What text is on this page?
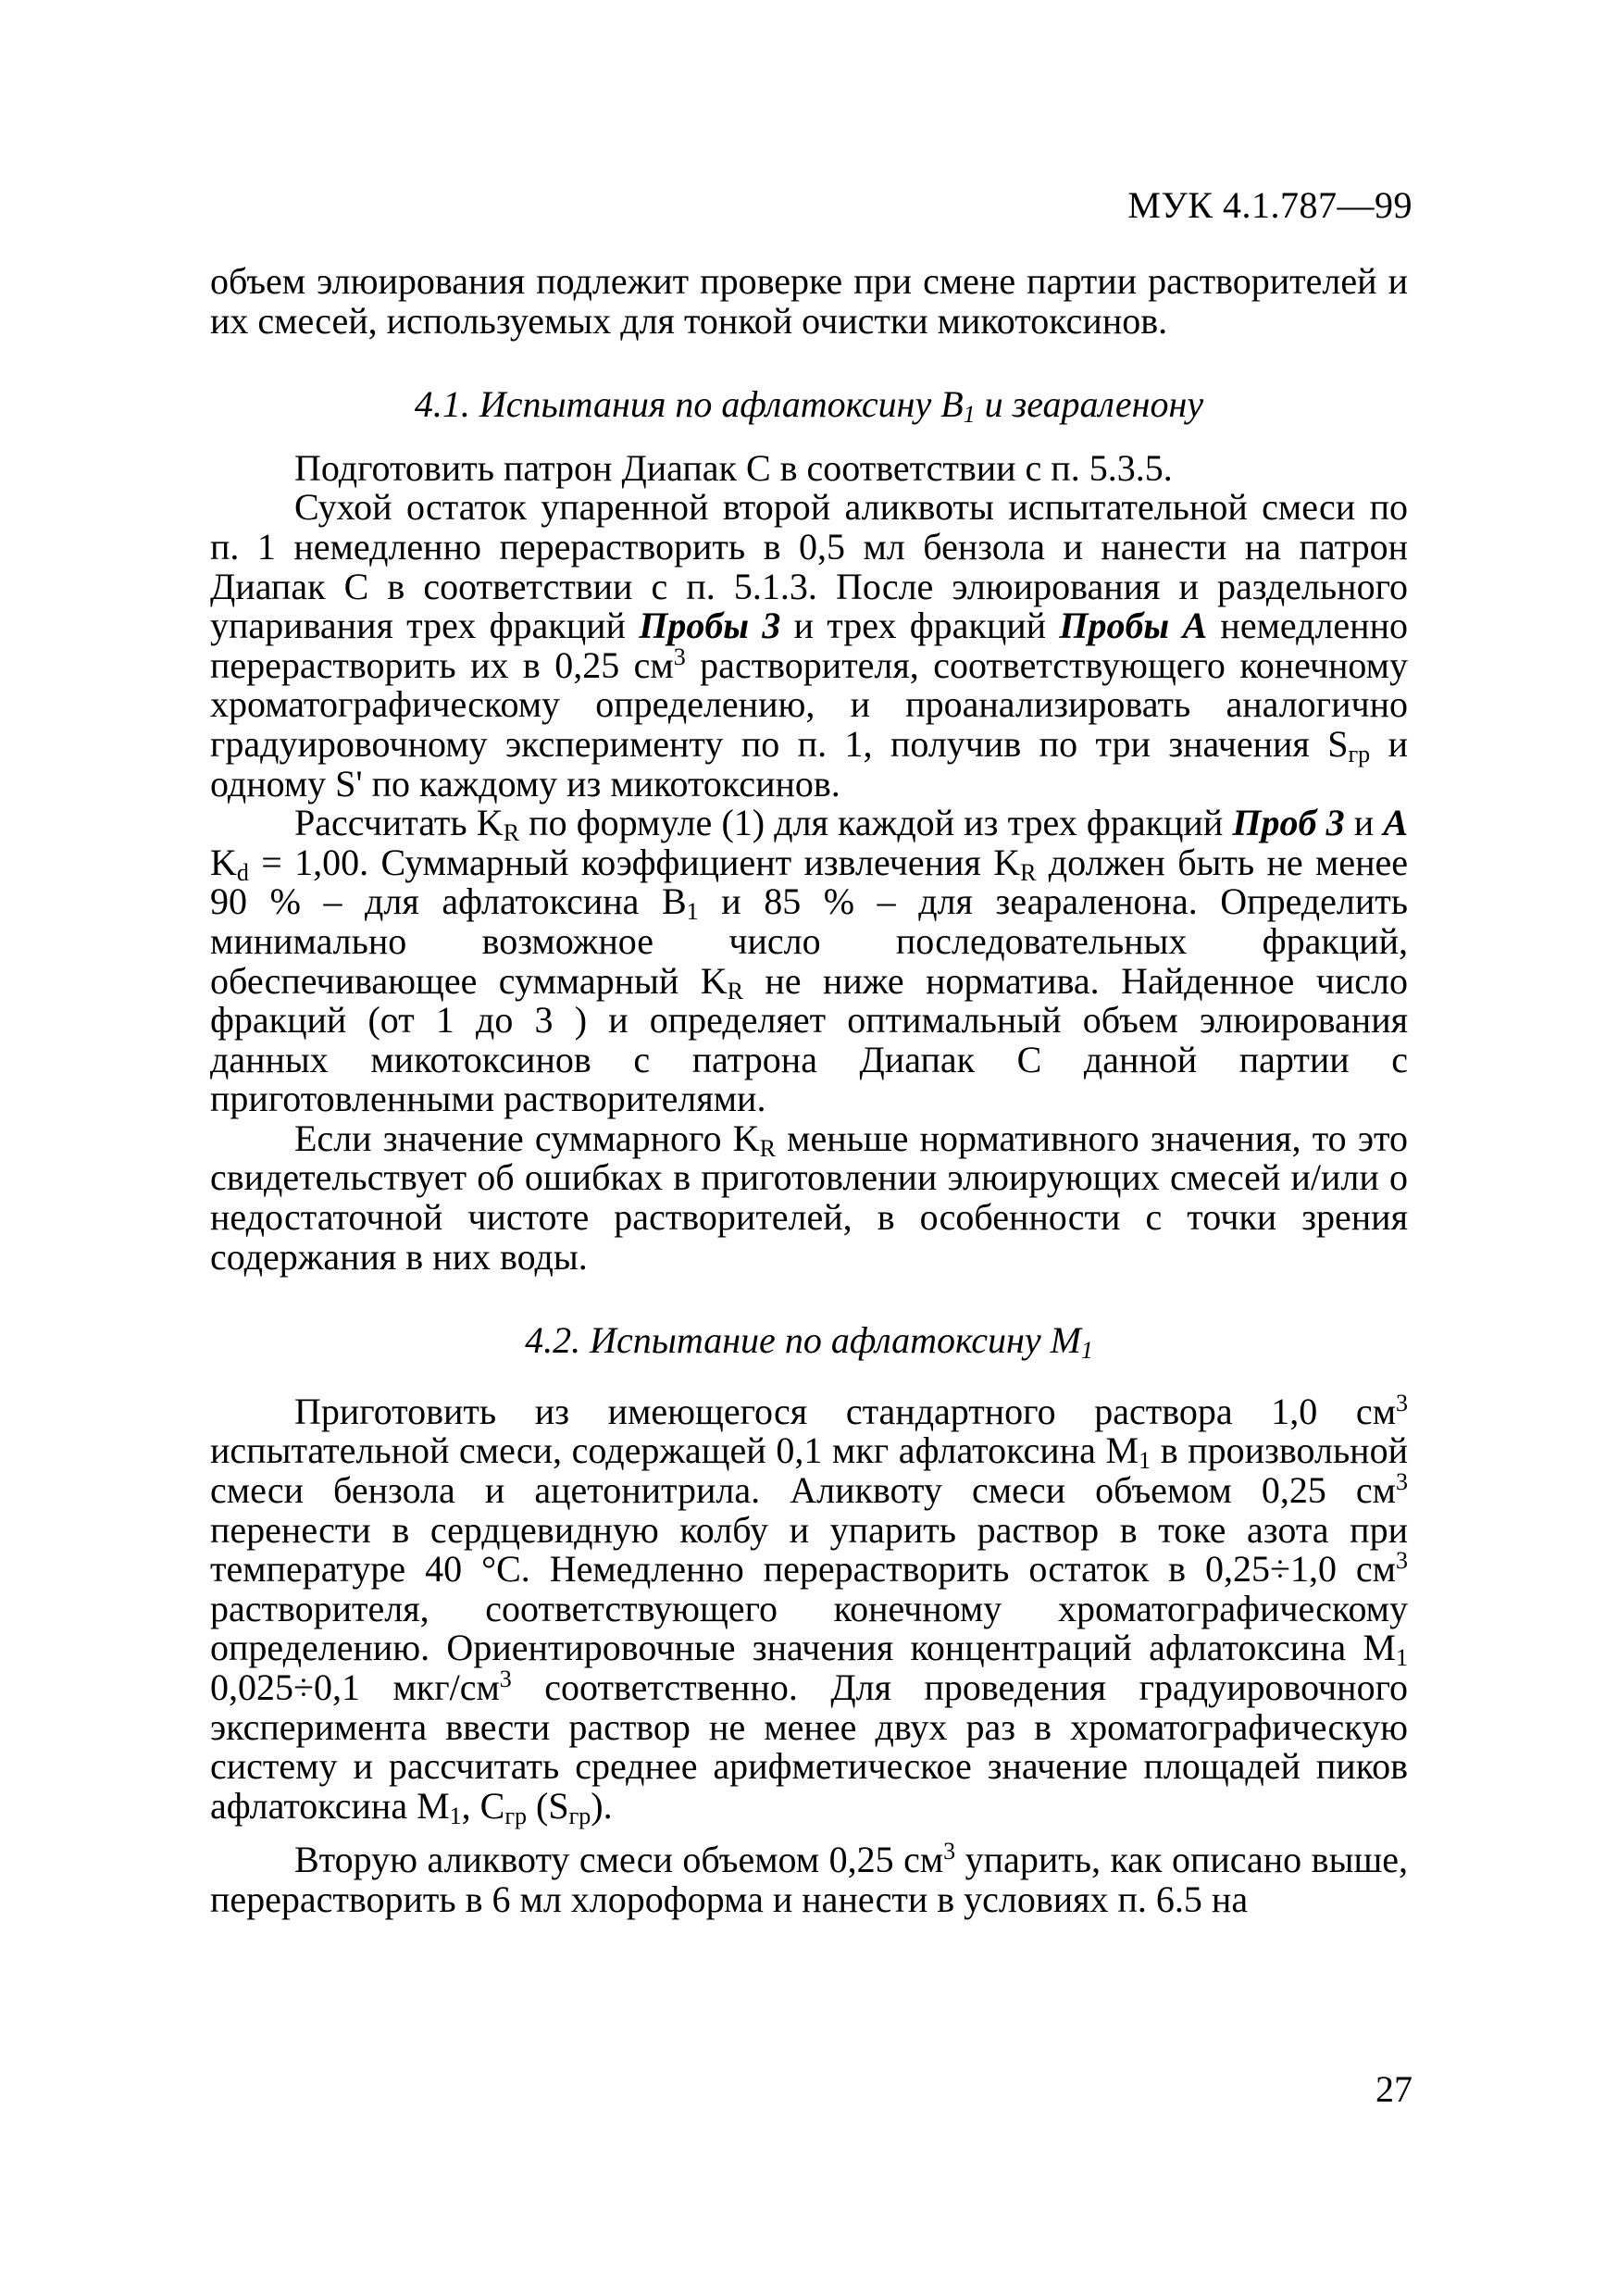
МУК 4.1.787—99

объем элюирования подлежит проверке при смене партии растворителей и их смесей, используемых для тонкой очистки микотоксинов.

4.1. Испытания по афлатоксину $B_1$ и зеараленону

Подготовить патрон Диапак С в соответствии с п. 5.3.5.

Сухой остаток упаренной второй аликвоты испытательной смеси по п. 1 немедленно перерастворить в 0,5 мл бензола и нанести на патрон Диапак С в соответствии с п. 5.1.3. После элюирования и раздельного упаривания трех фракций Пробы 3 и трех фракций Пробы А немедленно перерастворить их в 0,25 $см^3$ растворителя, соответствующего конечному хроматографическому определению, и проанализировать аналогично градуировочному эксперименту по п. 1, получив по три значения $S_{гр}$ и одному S' по каждому из микотоксинов.

Рассчитать $K_R$ по формуле (1) для каждой из трех фракций Проб 3 и А $K_d = 1,00$. Суммарный коэффициент извлечения $K_R$ должен быть не менее 90 % – для афлатоксина $B_1$ и 85 % – для зеараленона. Определить минимально возможное число последовательных фракций, обеспечивающее суммарный $K_R$ не ниже норматива. Найденное число фракций (от 1 до 3 ) и определяет оптимальный объем элюирования данных микотоксинов с патрона Диапак С данной партии с приготовленными растворителями.

Если значение суммарного $K_R$ меньше нормативного значения, то это свидетельствует об ошибках в приготовлении элюирующих смесей и/или о недостаточной чистоте растворителей, в особенности с точки зрения содержания в них воды.

4.2. Испытание по афлатоксину $M_1$

Приготовить из имеющегося стандартного раствора 1,0 $см^3$ испытательной смеси, содержащей 0,1 мкг афлатоксина $M_1$ в произвольной смеси бензола и ацетонитрила. Аликвоту смеси объемом 0,25 $см^3$ перенести в сердцевидную колбу и упарить раствор в токе азота при температуре 40 °С. Немедленно перерастворить остаток в 0,25÷1,0 $см^3$ растворителя, соответствующего конечному хроматографическому определению. Ориентировочные значения концентраций афлатоксина $M_1$ 0,025÷0,1 мкг/$см^3$ соответственно. Для проведения градуировочного эксперимента ввести раствор не менее двух раз в хроматографическую систему и рассчитать среднее арифметическое значение площадей пиков афлатоксина $M_1$, $C_{гр}$ $(S_{гр})$.

Вторую аликвоту смеси объемом 0,25 $см^3$ упарить, как описано выше, перерастворить в 6 мл хлороформа и нанести в условиях п. 6.5 на

27
